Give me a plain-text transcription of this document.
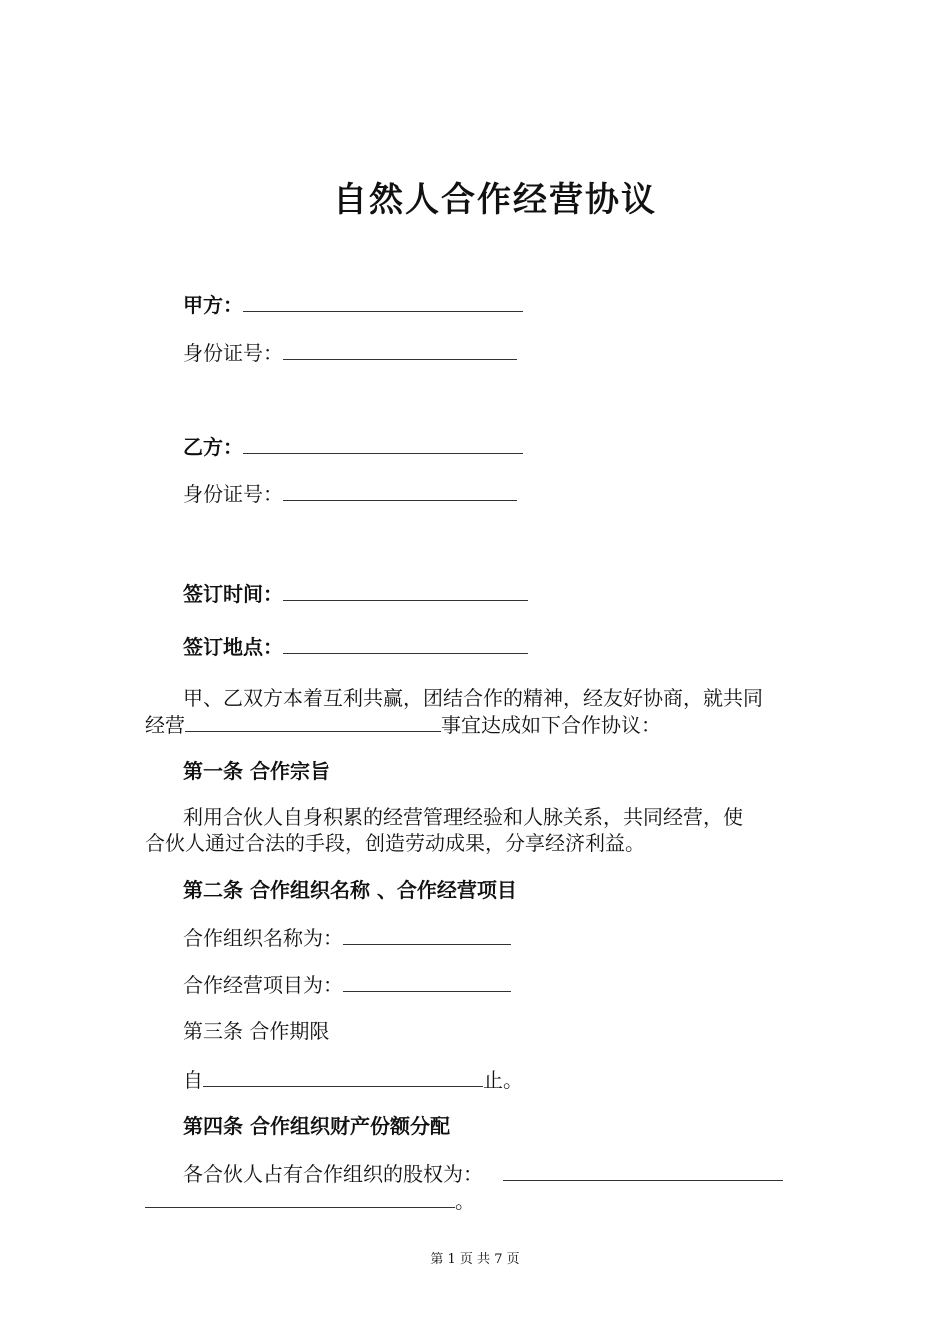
自然人合作经营协议
甲方：
身份证号：
乙方：
身份证号：
签订时间：
签订地点：
甲、乙双方本着互利共赢，团结合作的精神，经友好协商，就共同
经营	事宜达成如下合作协议：
第一条 合作宗旨
利用合伙人自身积累的经营管理经验和人脉关系，共同经营，使
合伙人通过合法的手段，创造劳动成果，分享经济利益。
第二条 合作组织名称 、合作经营项目
合作组织名称为：
合作经营项目为：
第三条 合作期限
自	止。
第四条 合作组织财产份额分配
各合伙人占有合作组织的股权为：
。
第 1 页 共 7 页
